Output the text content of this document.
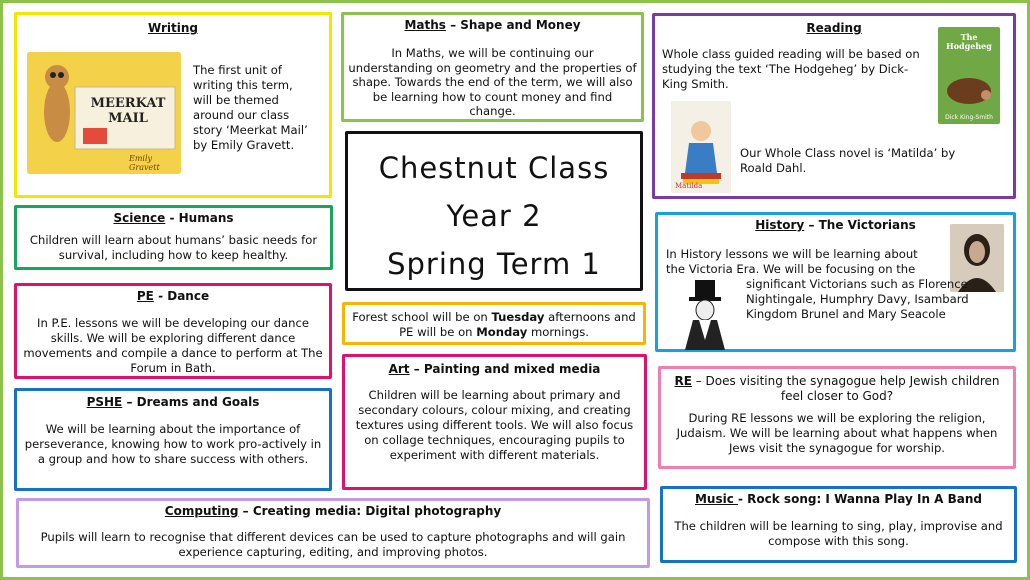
Writing
MEERKAT MAIL
Emily Gravett
The first unit of writing this term, will be themed around our class story ‘Meerkat Mail’ by Emily Gravett.
Maths – Shape and Money
In Maths, we will be continuing our understanding on geometry and the properties of shape. Towards the end of the term, we will also be learning how to count money and find change.
Reading
Whole class guided reading will be based on studying the text ‘The Hodgeheg’ by Dick-King Smith.
The Hodgeheg
Dick King-Smith
Matilda
Our Whole Class novel is ‘Matilda’ by Roald Dahl.
Chestnut Class
Year 2
Spring Term 1
Science - Humans
Children will learn about humans’ basic needs for survival, including how to keep healthy.
History – The Victorians
In History lessons we will be learning about
the Victoria Era. We will be focusing on the
significant Victorians such as Florence Nightingale, Humphry Davy, Isambard Kingdom Brunel and Mary Seacole
PE - Dance
In P.E. lessons we will be developing our dance skills. We will be exploring different dance movements and compile a dance to perform at The Forum in Bath.
Forest school will be on Tuesday afternoons and PE will be on Monday mornings.
Art – Painting and mixed media
Children will be learning about primary and secondary colours, colour mixing, and creating textures using different tools. We will also focus on collage techniques, encouraging pupils to experiment with different materials.
RE – Does visiting the synagogue help Jewish children feel closer to God?
During RE lessons we will be exploring the religion, Judaism. We will be learning about what happens when Jews visit the synagogue for worship.
PSHE – Dreams and Goals
We will be learning about the importance of perseverance, knowing how to work pro-actively in a group and how to share success with others.
Computing – Creating media: Digital photography
Pupils will learn to recognise that different devices can be used to capture photographs and will gain experience capturing, editing, and improving photos.
Music - Rock song: I Wanna Play In A Band
The children will be learning to sing, play, improvise and compose with this song.
